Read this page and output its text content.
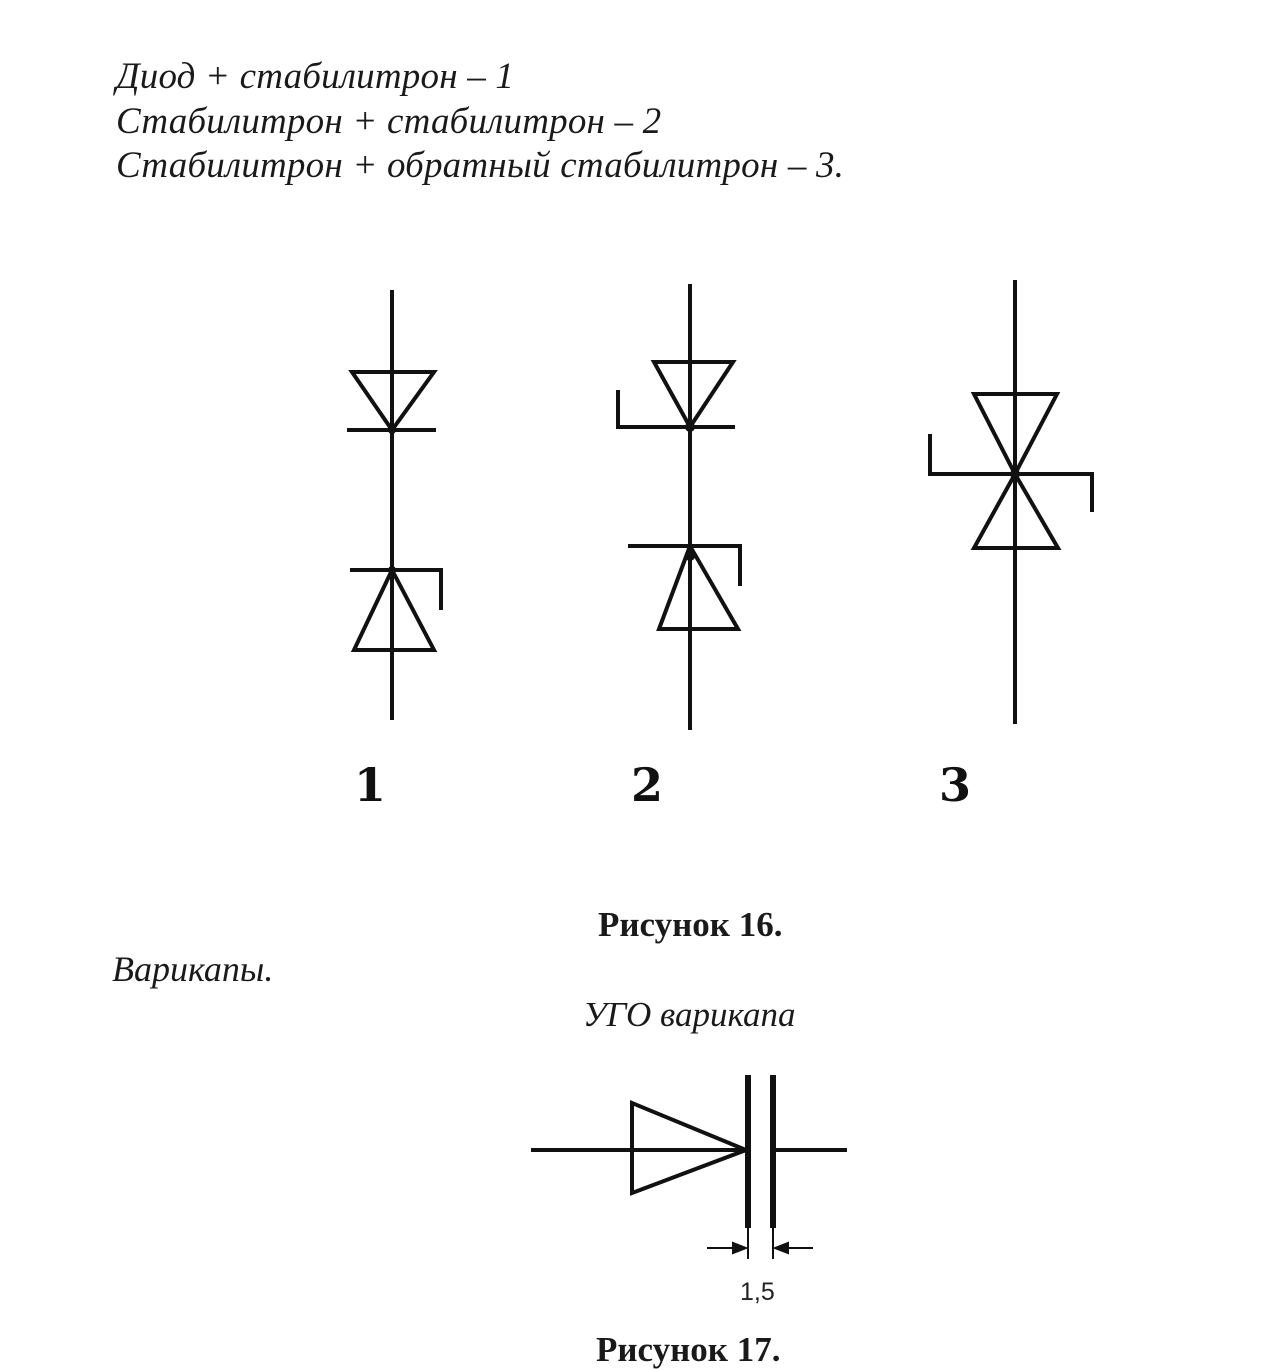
Диод + стабилитрон – 1
Стабилитрон + стабилитрон – 2
Стабилитрон + обратный стабилитрон – 3.
1	2	3
Рисунок 16.
Варикапы.
УГО варикапа
1,5
Рисунок 17.
